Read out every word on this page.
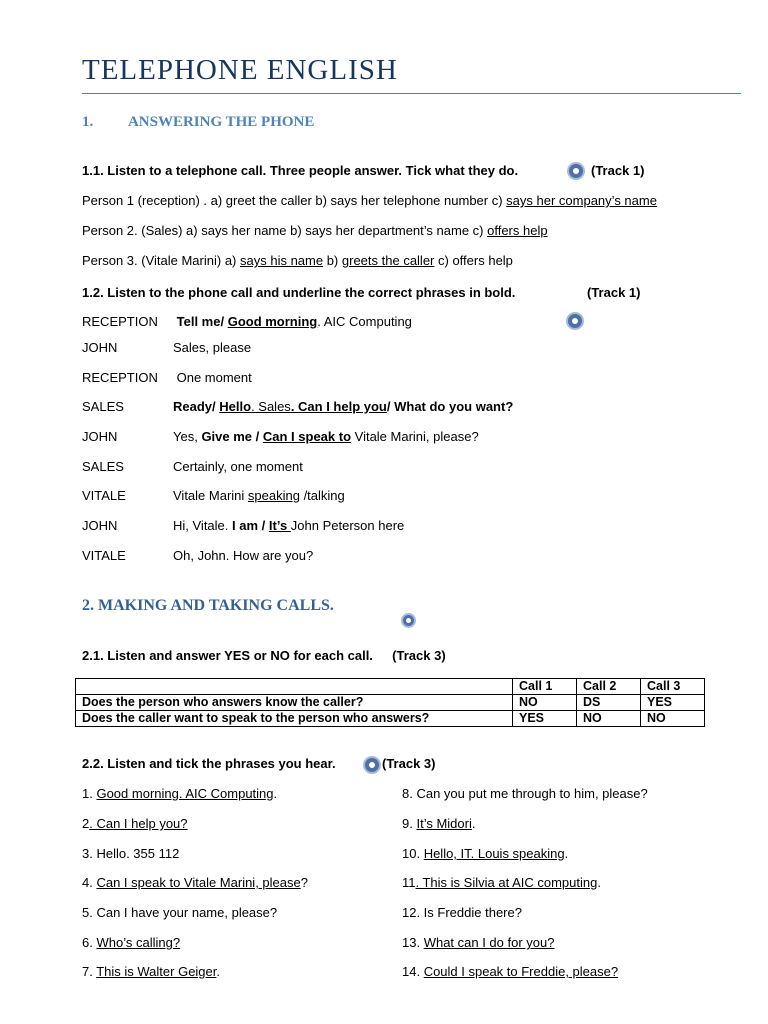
TELEPHONE ENGLISH
1. ANSWERING THE PHONE
1.1. Listen to a telephone call. Three people answer. Tick what they do.	(Track 1)
Person 1 (reception) . a) greet the caller b) says her telephone number c) says her company’s name
Person 2. (Sales) a) says her name b) says her department’s name c) offers help
Person 3. (Vitale Marini) a) says his name b) greets the caller c) offers help
1.2. Listen to the phone call and underline the correct phrases in bold.	(Track 1)
RECEPTION Tell me/ Good morning. AIC Computing
JOHN	Sales, please
RECEPTION One moment
SALES	Ready/ Hello. Sales. Can I help you/ What do you want?
JOHN	Yes, Give me / Can I speak to Vitale Marini, please?
SALES	Certainly, one moment
VITALE	Vitale Marini speaking /talking
JOHN	Hi, Vitale. I am / It’s John Peterson here
VITALE	Oh, John. How are you?
2. MAKING AND TAKING CALLS.
2.1. Listen and answer YES or NO for each call. (Track 3)
	Call 1	Call 2	Call 3
Does the person who answers know the caller?	NO	DS	YES
Does the caller want to speak to the person who answers?	YES	NO	NO
2.2. Listen and tick the phrases you hear.	(Track 3)
1. Good morning. AIC Computing.
2. Can I help you?
3. Hello. 355 112
4. Can I speak to Vitale Marini, please?
5. Can I have your name, please?
6. Who’s calling?
7. This is Walter Geiger.
8. Can you put me through to him, please?
9. It’s Midori.
10. Hello, IT. Louis speaking.
11. This is Silvia at AIC computing.
12. Is Freddie there?
13. What can I do for you?
14. Could I speak to Freddie, please?
